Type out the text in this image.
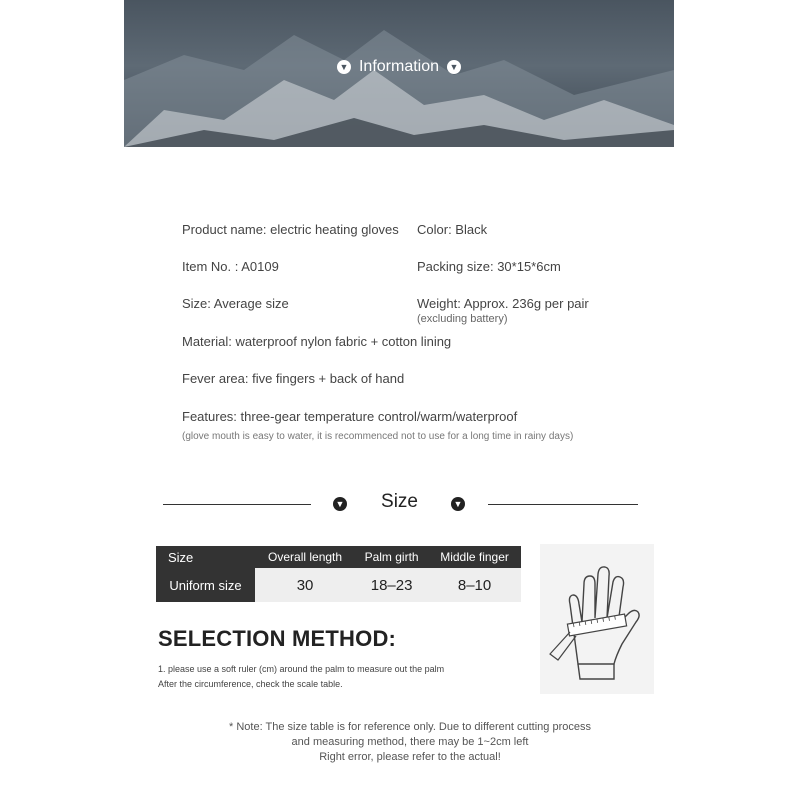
▼ Information ▼
Product name: electric heating gloves Color: Black
Item No. : A0109	Packing size: 30*15*6cm
Size: Average size	Weight: Approx. 236g per pair
(excluding battery)
Material: waterproof nylon fabric + cotton lining
Fever area: five fingers + back of hand
Features: three-gear temperature control/warm/waterproof
(glove mouth is easy to water, it is recommenced not to use for a long time in rainy days)
▼	Size	▼
Size	Overall length	Palm girth	Middle finger
Uniform size	30	18–23	8–10
SELECTION METHOD:
1. please use a soft ruler (cm) around the palm to measure out the palm
After the circumference, check the scale table.
* Note: The size table is for reference only. Due to different cutting process
and measuring method, there may be 1~2cm left
Right error, please refer to the actual!
